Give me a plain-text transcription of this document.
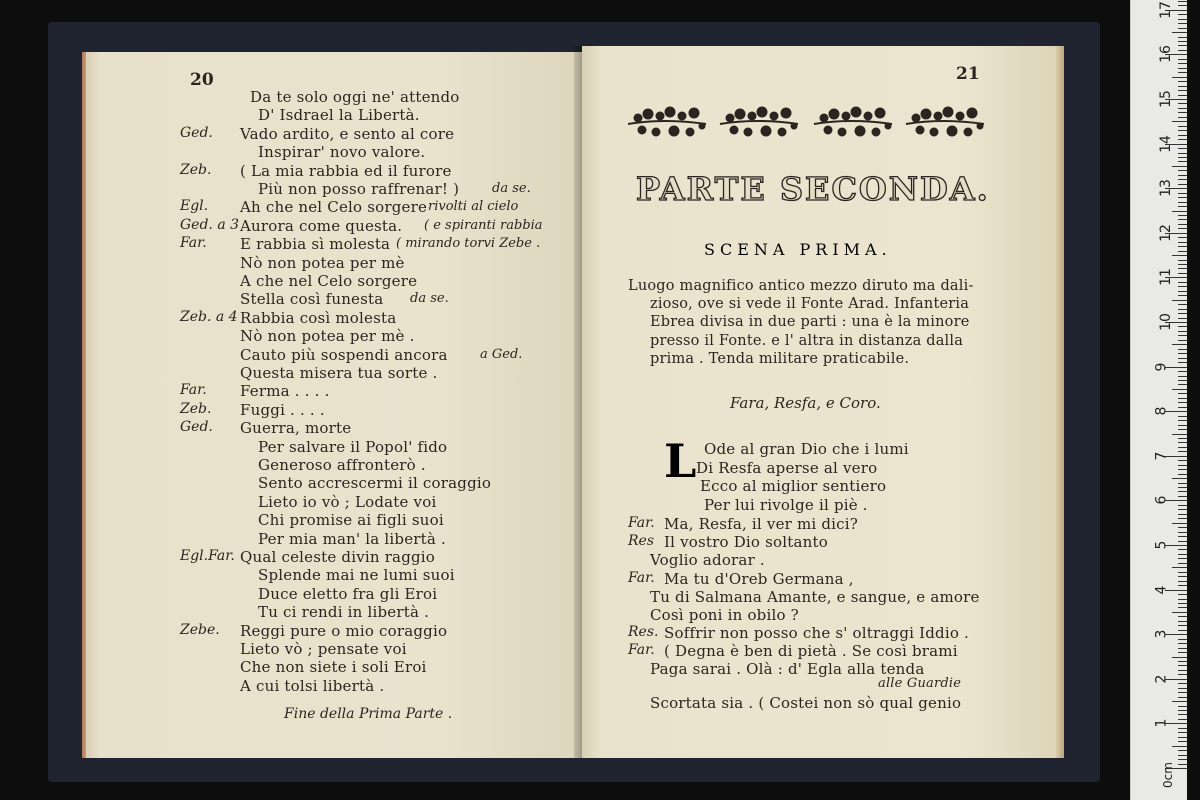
20
Da te solo oggi ne' attendo
D' Isdrael la Libertà.
Ged. Vado ardito, e sento al core
Inspirar' novo valore.
Zeb. ( La mia rabbia ed il furore
Più non posso raffrenar! )	da se.
Egl. Ah che nel Celo sorgere rivolti al cielo
Ged. a 3 Aurora come questa. ( e spiranti rabbia
Far. E rabbia sì molesta ( mirando torvi Zebe .
Nò non potea per mè
A che nel Celo sorgere
Stella così funesta da se.
Zeb. a 4 Rabbia così molesta
Nò non potea per mè .
Cauto più sospendi ancora a Ged.
Questa misera tua sorte .
Far. Ferma . . . .
Zeb. Fuggi . . . .
Ged. Guerra, morte
Per salvare il Popol' fido
Generoso affronterò .
Sento accrescermi il coraggio
Lieto io vò ; Lodate voi
Chi promise ai figli suoi
Per mia man' la libertà .
Egl.Far. Qual celeste divin raggio
Splende mai ne lumi suoi
Duce eletto fra gli Eroi
Tu ci rendi in libertà .
Zebe. Reggi pure o mio coraggio
Lieto vò ; pensate voi
Che non siete i soli Eroi
A cui tolsi libertà .
Fine della Prima Parte .
21
PARTE SECONDA.
SCENA PRIMA.
Luogo magnifico antico mezzo diruto ma dali-
zioso, ove si vede il Fonte Arad. Infanteria
Ebrea divisa in due parti : una è la minore
presso il Fonte. e l' altra in distanza dalla
prima . Tenda militare praticabile.
Fara, Resfa, e Coro.
L Ode al gran Dio che i lumi
Di Resfa aperse al vero
Ecco al miglior sentiero
Per lui rivolge il piè .
Far. Ma, Resfa, il ver mi dici?
Res Il vostro Dio soltanto
Voglio adorar .
Far. Ma tu d'Oreb Germana ,
Tu di Salmana Amante, e sangue, e amore
Così poni in obilo ?
Res. Soffrir non posso che s' oltraggi Iddio .
Far. ( Degna è ben di pietà . Se così brami
Paga sarai . Olà : d' Egla alla tenda
alle Guardie
Scortata sia . ( Costei non sò qual genio
1
2
3
4
5
6
7
8
9
10
11
12
13
14
15
16
17
0cm
